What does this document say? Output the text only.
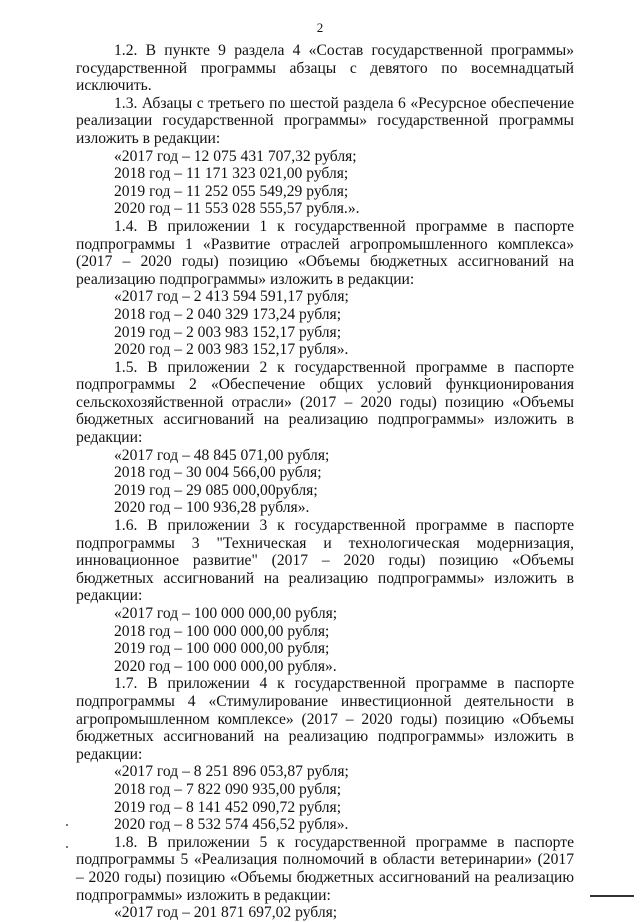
2

1.2. В пункте 9 раздела 4 «Состав государственной программы» государственной программы абзацы с девятого по восемнадцатый исключить.

1.3. Абзацы с третьего по шестой раздела 6 «Ресурсное обеспечение реализации государственной программы» государственной программы изложить в редакции:

«2017 год – 12 075 431 707,32 рубля;

2018 год – 11 171 323 021,00 рубля;

2019 год – 11 252 055 549,29 рубля;

2020 год – 11 553 028 555,57 рубля.».

1.4. В приложении 1 к государственной программе в паспорте подпрограммы 1 «Развитие отраслей агропромышленного комплекса» (2017 – 2020 годы) позицию «Объемы бюджетных ассигнований на реализацию подпрограммы» изложить в редакции:

«2017 год – 2 413 594 591,17 рубля;

2018 год – 2 040 329 173,24 рубля;

2019 год – 2 003 983 152,17 рубля;

2020 год – 2 003 983 152,17 рубля».

1.5. В приложении 2 к государственной программе в паспорте подпрограммы 2 «Обеспечение общих условий функционирования сельскохозяйственной отрасли» (2017 – 2020 годы) позицию «Объемы бюджетных ассигнований на реализацию подпрограммы» изложить в редакции:

«2017 год – 48 845 071,00 рубля;

2018 год – 30 004 566,00 рубля;

2019 год – 29 085 000,00рубля;

2020 год – 100 936,28 рубля».

1.6. В приложении 3 к государственной программе в паспорте подпрограммы 3 "Техническая и технологическая модернизация, инновационное развитие" (2017 – 2020 годы) позицию «Объемы бюджетных ассигнований на реализацию подпрограммы» изложить в редакции:

«2017 год – 100 000 000,00 рубля;

2018 год – 100 000 000,00 рубля;

2019 год – 100 000 000,00 рубля;

2020 год – 100 000 000,00 рубля».

1.7. В приложении 4 к государственной программе в паспорте подпрограммы 4 «Стимулирование инвестиционной деятельности в агропромышленном комплексе» (2017 – 2020 годы) позицию «Объемы бюджетных ассигнований на реализацию подпрограммы» изложить в редакции:

«2017 год – 8 251 896 053,87 рубля;

2018 год – 7 822 090 935,00 рубля;

2019 год – 8 141 452 090,72 рубля;

2020 год – 8 532 574 456,52 рубля».

1.8. В приложении 5 к государственной программе в паспорте подпрограммы 5 «Реализация полномочий в области ветеринарии» (2017 – 2020 годы) позицию «Объемы бюджетных ассигнований на реализацию подпрограммы» изложить в редакции:

«2017 год – 201 871 697,02 рубля;
